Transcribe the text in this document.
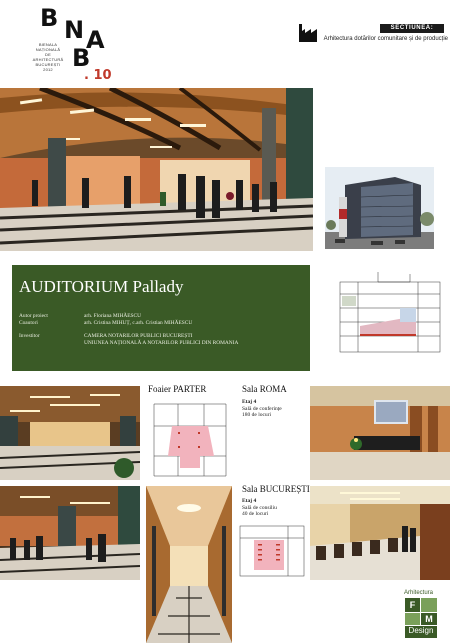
B N A
B
BIENALA
NAȚIONALĂ
DE
ARHITECTURĂ
BUCUREȘTI
2012	. 10
SECTIUNEA:
Arhitectura dotărilor comunitare și de producție
AUDITORIUM Pallady
Autor proiect	arh. Floriana MIHĂESCU
Coautori	arh. Cristina MIHUȚ, c.arh. Cristian MIHĂESCU
Investitor	CAMERA NOTARILOR PUBLICI BUCUREȘTI
UNIUNEA NAȚIONALĂ A NOTARILOR PUBLICI DIN ROMANIA
Foaier PARTER	Sala ROMA
Etaj 4
Sală de conferințe
180 de locuri
Sala BUCUREȘTI
Etaj 4
Sală de consiliu
40 de locuri
Arhitectura
F
M
Design
